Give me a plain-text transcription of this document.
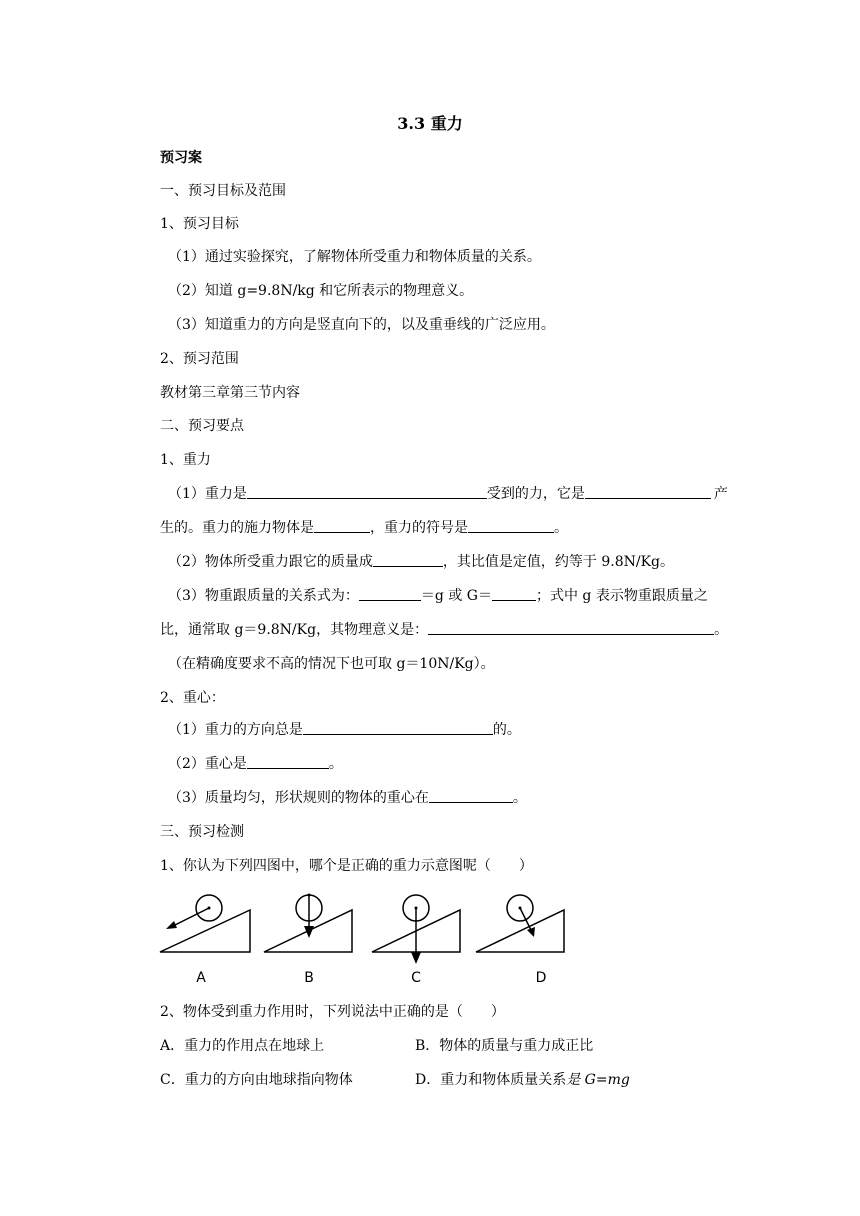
3.3 重力
预习案
一、预习目标及范围
1、预习目标
（1）通过实验探究，了解物体所受重力和物体质量的关系。
（2）知道 g=9.8N/kg 和它所表示的物理意义。
（3）知道重力的方向是竖直向下的，以及重垂线的广泛应用。
2、预习范围
教材第三章第三节内容
二、预习要点
1、重力
（1）重力是	受到的力，它是	产
生的。重力的施力物体是	，重力的符号是	。
（2）物体所受重力跟它的质量成	，其比值是定值，约等于 9.8N/Kg。
（3）物重跟质量的关系式为：	＝g 或 G＝	；式中 g 表示物重跟质量之
比，通常取 g＝9.8N/Kg，其物理意义是：	。
（在精确度要求不高的情况下也可取 g＝10N/Kg）。
2、重心：
（1）重力的方向总是	的。
（2）重心是	。
（3）质量均匀，形状规则的物体的重心在	。
三、预习检测
1、你认为下列四图中，哪个是正确的重力示意图呢（　　）
A	B	C	D
2、物体受到重力作用时，下列说法中正确的是（　　）
A．重力的作用点在地球上	B．物体的质量与重力成正比
C．重力的方向由地球指向物体	D．重力和物体质量关系是 G=mg
